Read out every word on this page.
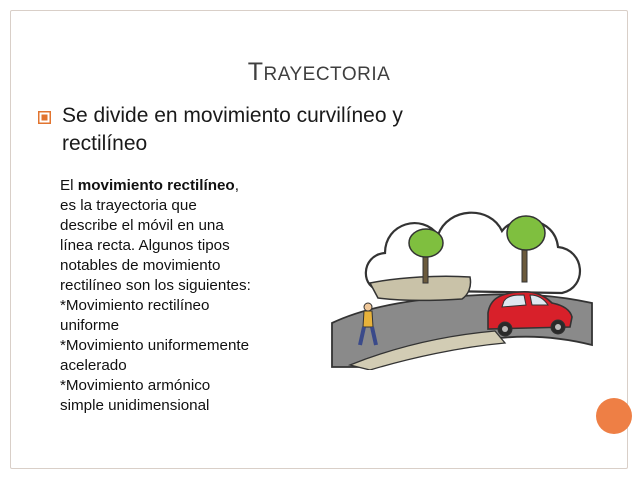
TRAYECTORIA
Se divide en movimiento curvilíneo y
rectilíneo
El movimiento rectilíneo,
es la trayectoria que
describe el móvil en una
línea recta. Algunos tipos
notables de movimiento
rectilíneo son los siguientes:
*Movimiento rectilíneo
uniforme
*Movimiento uniformemente
acelerado
*Movimiento armónico
simple unidimensional
